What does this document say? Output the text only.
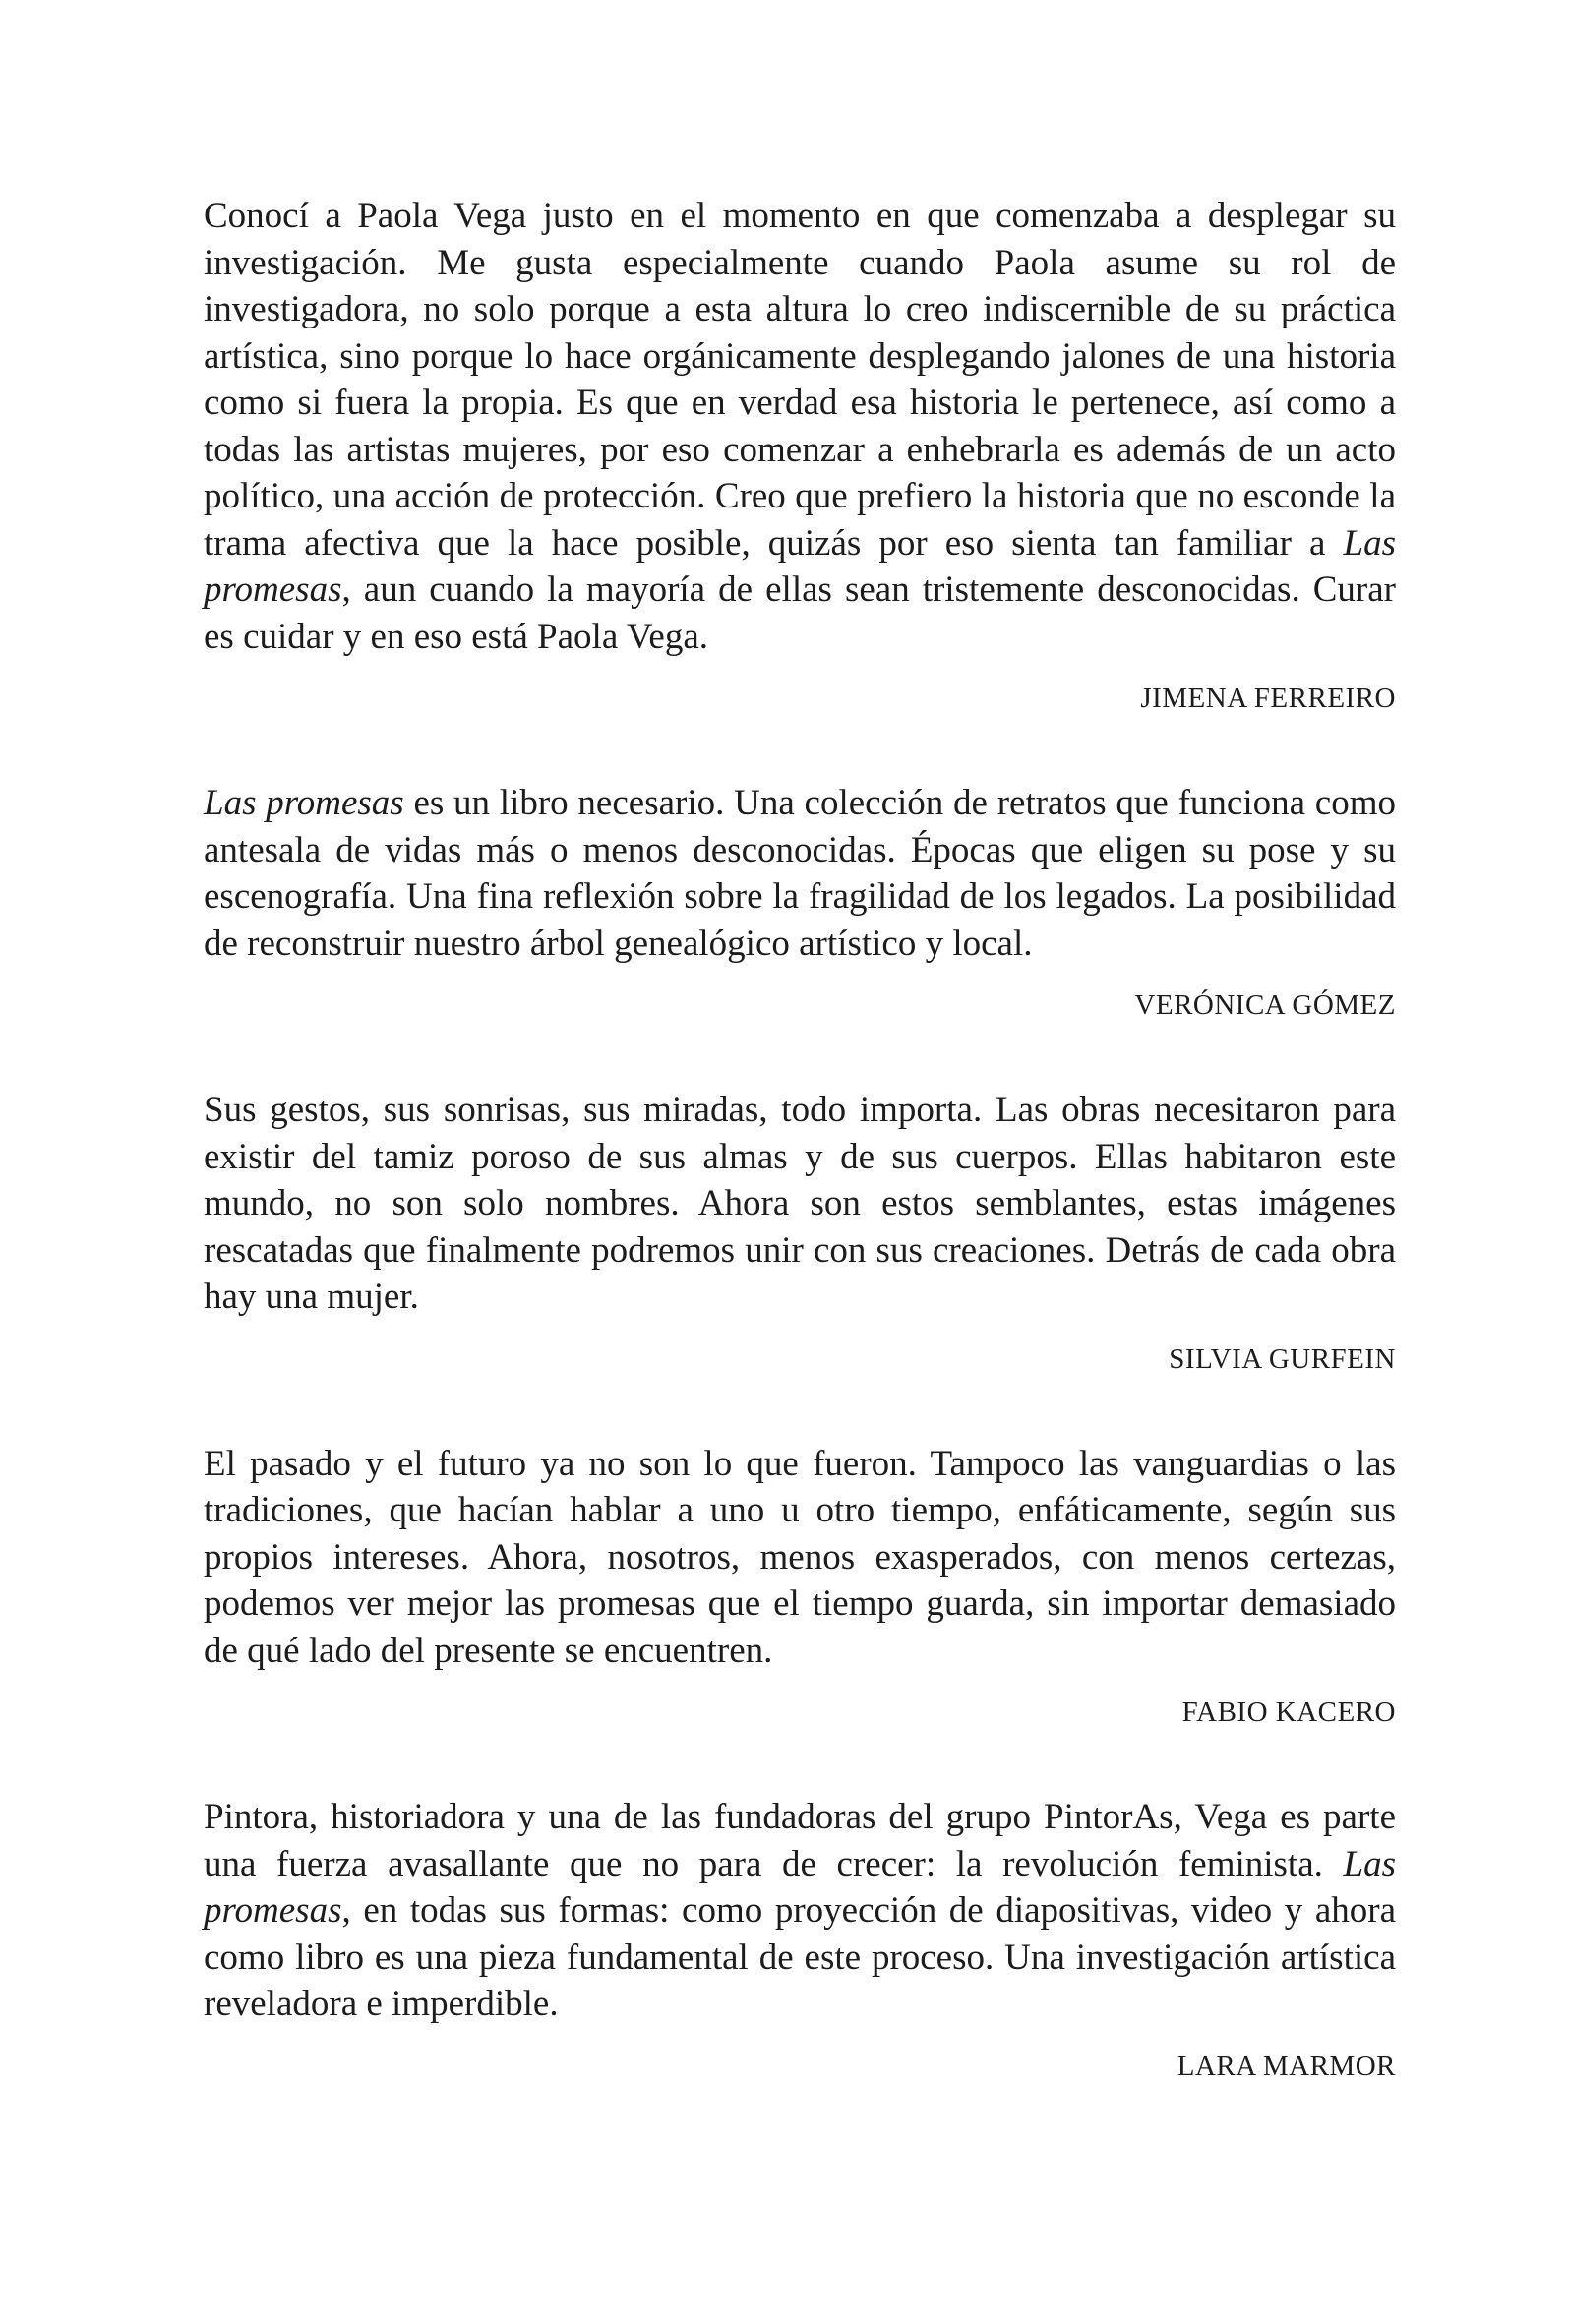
Conocí a Paola Vega justo en el momento en que comenzaba a desplegar su investigación. Me gusta especialmente cuando Paola asume su rol de investigadora, no solo porque a esta altura lo creo indiscernible de su práctica artística, sino porque lo hace orgánicamente desplegando jalones de una historia como si fuera la propia. Es que en verdad esa historia le pertenece, así como a todas las artistas mujeres, por eso comenzar a enhebrarla es además de un acto político, una acción de protección. Creo que prefiero la historia que no esconde la trama afectiva que la hace posible, quizás por eso sienta tan familiar a Las promesas, aun cuando la mayoría de ellas sean tristemente desconocidas. Curar es cuidar y en eso está Paola Vega.

JIMENA FERREIRO

Las promesas es un libro necesario. Una colección de retratos que funciona como antesala de vidas más o menos desconocidas. Épocas que eligen su pose y su escenografía. Una fina reflexión sobre la fragilidad de los legados. La posibilidad de reconstruir nuestro árbol genealógico artístico y local.

VERÓNICA GÓMEZ

Sus gestos, sus sonrisas, sus miradas, todo importa. Las obras necesitaron para existir del tamiz poroso de sus almas y de sus cuerpos. Ellas habitaron este mundo, no son solo nombres. Ahora son estos semblantes, estas imágenes rescatadas que finalmente podremos unir con sus creaciones. Detrás de cada obra hay una mujer.

SILVIA GURFEIN

El pasado y el futuro ya no son lo que fueron. Tampoco las vanguardias o las tradiciones, que hacían hablar a uno u otro tiempo, enfáticamente, según sus propios intereses. Ahora, nosotros, menos exasperados, con menos certezas, podemos ver mejor las promesas que el tiempo guarda, sin importar demasiado de qué lado del presente se encuentren.

FABIO KACERO

Pintora, historiadora y una de las fundadoras del grupo PintorAs, Vega es parte una fuerza avasallante que no para de crecer: la revolución feminista. Las promesas, en todas sus formas: como proyección de diapositivas, video y ahora como libro es una pieza fundamental de este proceso. Una investigación artística reveladora e imperdible.

LARA MARMOR
